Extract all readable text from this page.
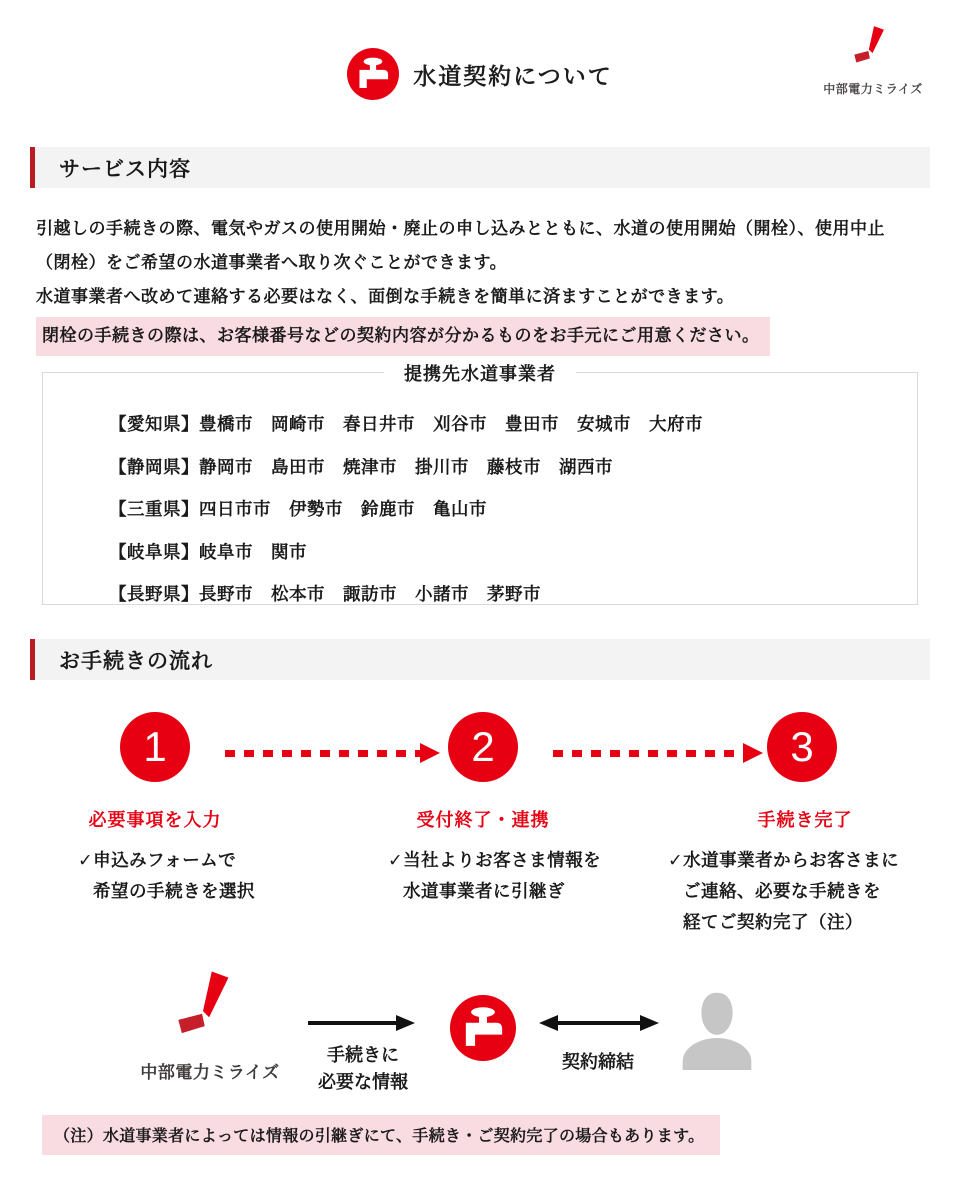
水道契約について
中部電力ミライズ
サービス内容
引越しの手続きの際、電気やガスの使用開始・廃止の申し込みとともに、水道の使用開始（開栓）、使用中止
（閉栓）をご希望の水道事業者へ取り次ぐことができます。
水道事業者へ改めて連絡する必要はなく、面倒な手続きを簡単に済ますことができます。
閉栓の手続きの際は、お客様番号などの契約内容が分かるものをお手元にご用意ください。
提携先水道事業者
【愛知県】豊橋市　岡崎市　春日井市　刈谷市　豊田市　安城市　大府市
【静岡県】静岡市　島田市　焼津市　掛川市　藤枝市　湖西市
【三重県】四日市市　伊勢市　鈴鹿市　亀山市
【岐阜県】岐阜市　関市
【長野県】長野市　松本市　諏訪市　小諸市　茅野市
お手続きの流れ
1	2	3
必要事項を入力	受付終了・連携	手続き完了
✓申込みフォームで
希望の手続きを選択
✓当社よりお客さま情報を
水道事業者に引継ぎ
✓水道事業者からお客さまに
ご連絡、必要な手続きを
経てご契約完了（注）
中部電力ミライズ
手続きに
必要な情報
契約締結
（注）水道事業者によっては情報の引継ぎにて、手続き・ご契約完了の場合もあります。
